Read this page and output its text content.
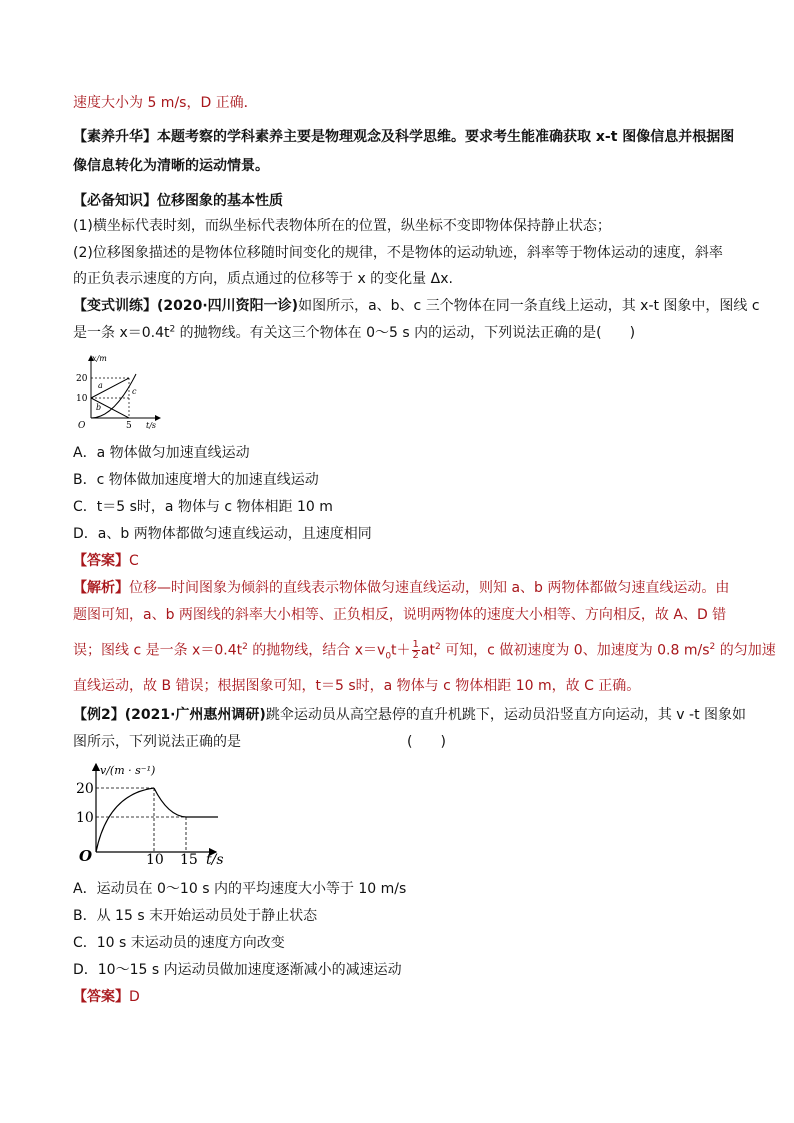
速度大小为 5 m/s，D 正确．
【素养升华】本题考察的学科素养主要是物理观念及科学思维。要求考生能准确获取 x-t 图像信息并根据图
像信息转化为清晰的运动情景。
【必备知识】位移图象的基本性质
(1)横坐标代表时刻，而纵坐标代表物体所在的位置，纵坐标不变即物体保持静止状态；
(2)位移图象描述的是物体位移随时间变化的规律，不是物体的运动轨迹，斜率等于物体运动的速度，斜率
的正负表示速度的方向，质点通过的位移等于 x 的变化量 Δx.
【变式训练】(2020·四川资阳一诊)如图所示，a、b、c 三个物体在同一条直线上运动，其 x-t 图象中，图线 c
是一条 $x=0.4t^2$ 的抛物线。有关这三个物体在 0～5 s 内的运动，下列说法正确的是(　　)
x/m
t/s
O
20
10
5
a
b
c
A．a 物体做匀加速直线运动
B．c 物体做加速度增大的加速直线运动
C．t＝5 s时，a 物体与 c 物体相距 10 m
D．a、b 两物体都做匀速直线运动，且速度相同
【答案】C
【解析】位移—时间图象为倾斜的直线表示物体做匀速直线运动，则知 a、b 两物体都做匀速直线运动。由
题图可知，a、b 两图线的斜率大小相等、正负相反，说明两物体的速度大小相等、方向相反，故 A、D 错
误；图线 c 是一条 $x=0.4t^2$ 的抛物线，结合 $x=v_0t+ \frac{1}{2} at^2$ 可知，c 做初速度为 0、加速度为 0.8 $m/s^2$ 的匀加速
直线运动，故 B 错误；根据图象可知，t＝5 s时，a 物体与 c 物体相距 10 m，故 C 正确。
【例2】(2021·广州惠州调研)跳伞运动员从高空悬停的直升机跳下，运动员沿竖直方向运动，其 v -t 图象如
图所示，下列说法正确的是	(　　)
v/(m · s⁻¹)
t/s
O
20
10
10 15
A．运动员在 0～10 s 内的平均速度大小等于 10 m/s
B．从 15 s 末开始运动员处于静止状态
C．10 s 末运动员的速度方向改变
D．10～15 s 内运动员做加速度逐渐减小的减速运动
【答案】D
